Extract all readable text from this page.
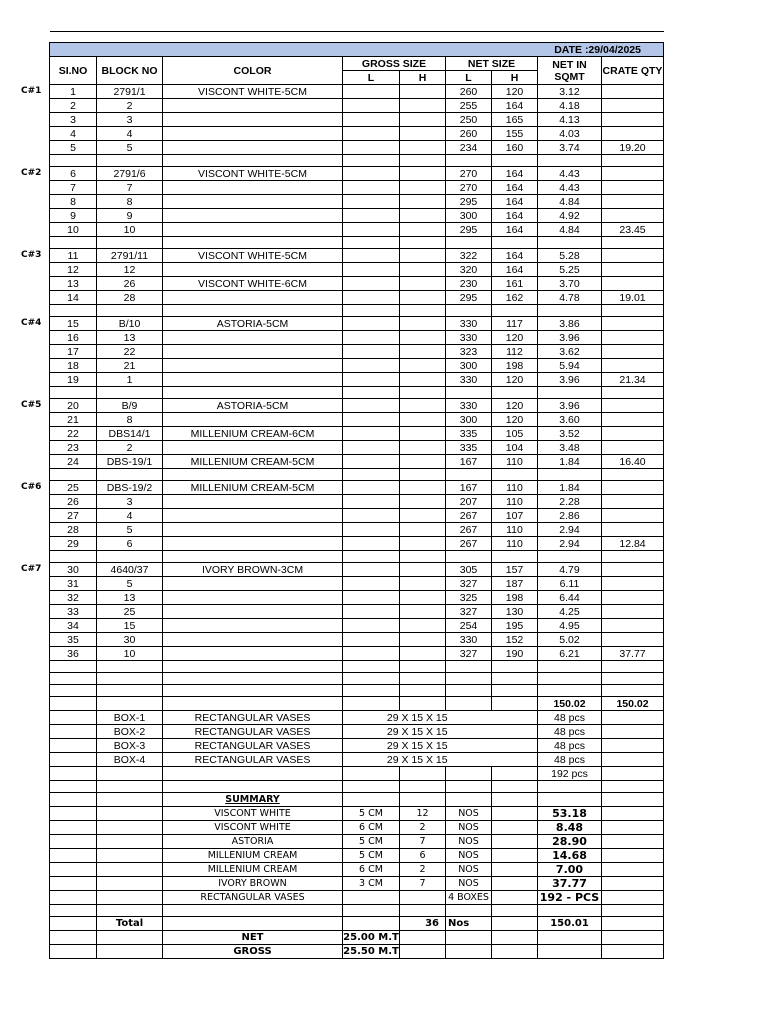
DATE :29/04/2025								
SI.NO	BLOCK NO	COLOR	GROSS SIZE		NET SIZE		NET IN SQMT	CRATE QTY
			L	H	L	H		
1	2791/1	VISCONT WHITE-5CM			260	120	3.12	
2	2				255	164	4.18	
3	3				250	165	4.13	
4	4				260	155	4.03	
5	5				234	160	3.74	19.20

6	2791/6	VISCONT WHITE-5CM			270	164	4.43	
7	7				270	164	4.43	
8	8				295	164	4.84	
9	9				300	164	4.92	
10	10				295	164	4.84	23.45

11	2791/11	VISCONT WHITE-5CM			322	164	5.28	
12	12				320	164	5.25	
13	26	VISCONT WHITE-6CM			230	161	3.70	
14	28				295	162	4.78	19.01

15	B/10	ASTORIA-5CM			330	117	3.86	
16	13				330	120	3.96	
17	22				323	112	3.62	
18	21				300	198	5.94	
19	1				330	120	3.96	21.34

20	B/9	ASTORIA-5CM			330	120	3.96	
21	8				300	120	3.60	
22	DBS14/1	MILLENIUM CREAM-6CM			335	105	3.52	
23	2				335	104	3.48	
24	DBS-19/1	MILLENIUM CREAM-5CM			167	110	1.84	16.40

25	DBS-19/2	MILLENIUM CREAM-5CM			167	110	1.84	
26	3				207	110	2.28	
27	4				267	107	2.86	
28	5				267	110	2.94	
29	6				267	110	2.94	12.84

30	4640/37	IVORY BROWN-3CM			305	157	4.79	
31	5				327	187	6.11	
32	13				325	198	6.44	
33	25				327	130	4.25	
34	15				254	195	4.95	
35	30				330	152	5.02	
36	10				327	190	6.21	37.77

							150.02	150.02
	BOX-1	RECTANGULAR VASES	29 X 15 X 15				48 pcs	
	BOX-2	RECTANGULAR VASES	29 X 15 X 15				48 pcs	
	BOX-3	RECTANGULAR VASES	29 X 15 X 15				48 pcs	
	BOX-4	RECTANGULAR VASES	29 X 15 X 15				48 pcs	
							192 pcs	

		SUMMARY						
		VISCONT WHITE	5 CM	12	NOS		53.18	
		VISCONT WHITE	6 CM	2	NOS		8.48	
		ASTORIA	5 CM	7	NOS		28.90	
		MILLENIUM CREAM	5 CM	6	NOS		14.68	
		MILLENIUM CREAM	6 CM	2	NOS		7.00	
		IVORY BROWN	3 CM	7	NOS		37.77	
		RECTANGULAR VASES			4 BOXES		192 - PCS	

	Total			36	Nos		150.01	
		NET	25.00 M.T					
		GROSS	25.50 M.T					
C#1
C#2
C#3
C#4
C#5
C#6
C#7
